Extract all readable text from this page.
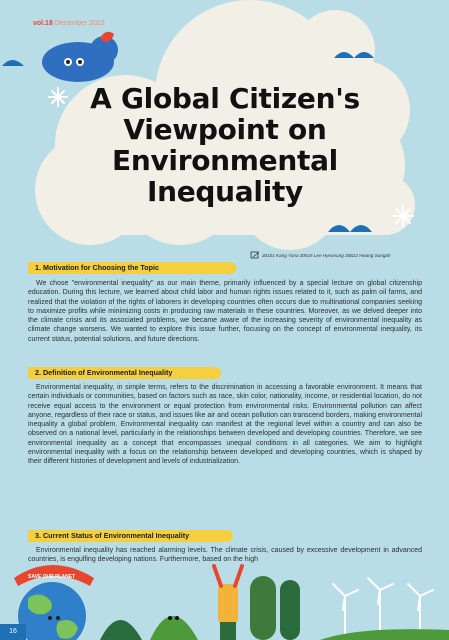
vol.18 December 2023
A Global Citizen's
Viewpoint on
Environmental
Inequality
30101 Kang Yuna 30515 Lee Hyeonung 30622 Hwang Sungah
1. Motivation for Choosing the Topic

We chose "environmental inequality" as our main theme, primarily influenced by a special lecture on global citizenship education. During this lecture, we learned about child labor and human rights issues related to it, such as palm oil farms, and realized that the violation of the rights of laborers in developing countries often occurs due to multinational companies seeking to maximize profits while minimizing costs in producing raw materials in these countries. Moreover, as we delved deeper into the climate crisis and its associated problems, we became aware of the increasing severity of environmental inequality as climate change worsens. We wanted to explore this issue further, focusing on the concept of environmental inequality, its current status, potential solutions, and future directions.

2. Definition of Environmental Inequality

Environmental inequality, in simple terms, refers to the discrimination in accessing a favorable environment. It means that certain individuals or communities, based on factors such as race, skin color, nationality, income, or residential location, do not receive equal access to the environment or equal protection from environmental risks. Environmental pollution can affect anyone, regardless of their race or status, and issues like air and ocean pollution can transcend borders, making environmental inequality a global problem. Environmental inequality can manifest at the regional level within a country and can also be observed on a national level, particularly in the relationships between developed and developing countries. Therefore, we see environmental inequality as a concept that encompasses unequal conditions in all categories. We aim to highlight environmental inequality with a focus on the relationship between developed and developing countries, which is shaped by their different histories of development and levels of industrialization.

3. Current Status of Environmental Inequality

Environmental inequality has reached alarming levels. The climate crisis, caused by excessive development in advanced countries, is engulfing developing nations. Furthermore, based on the high

SAVE OUR PLANET
16
